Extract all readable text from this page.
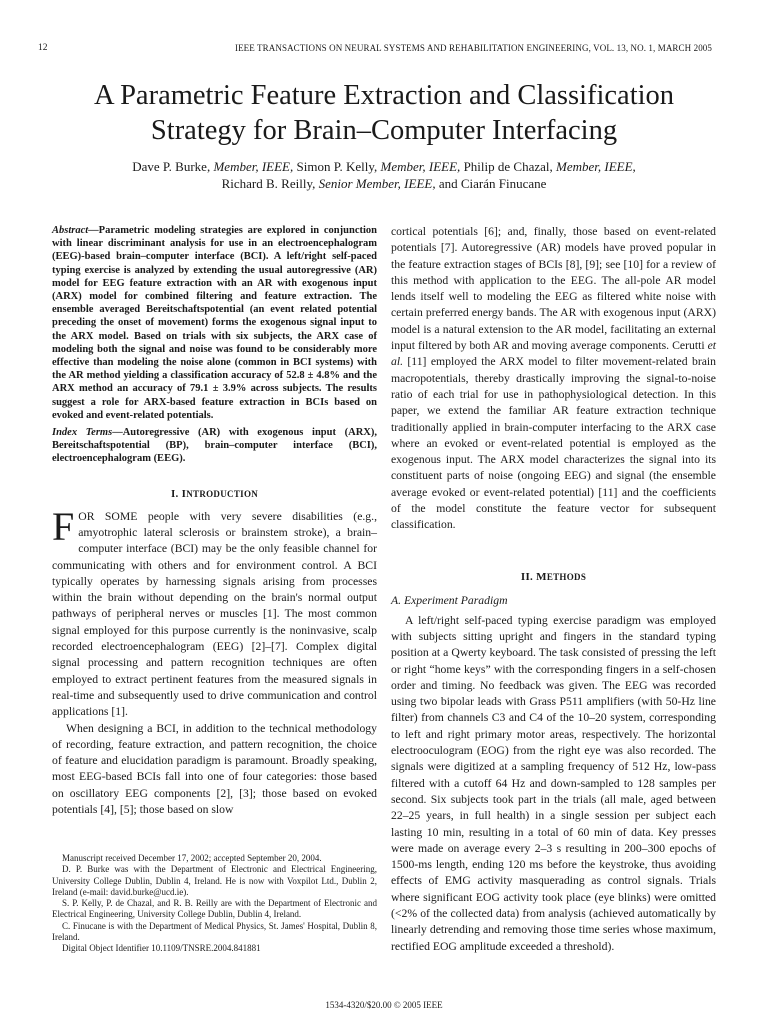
12	IEEE TRANSACTIONS ON NEURAL SYSTEMS AND REHABILITATION ENGINEERING, VOL. 13, NO. 1, MARCH 2005
A Parametric Feature Extraction and Classification
Strategy for Brain–Computer Interfacing
Dave P. Burke, Member, IEEE, Simon P. Kelly, Member, IEEE, Philip de Chazal, Member, IEEE,
Richard B. Reilly, Senior Member, IEEE, and Ciarán Finucane

Abstract—Parametric modeling strategies are explored in conjunction with linear discriminant analysis for use in an electroencephalogram (EEG)-based brain–computer interface (BCI). A left/right self-paced typing exercise is analyzed by extending the usual autoregressive (AR) model for EEG feature extraction with an AR with exogenous input (ARX) model for combined filtering and feature extraction. The ensemble averaged Bereitschaftspotential (an event related potential preceding the onset of movement) forms the exogenous signal input to the ARX model. Based on trials with six subjects, the ARX case of modeling both the signal and noise was found to be considerably more effective than modeling the noise alone (common in BCI systems) with the AR method yielding a classification accuracy of 52.8 ± 4.8% and the ARX method an accuracy of 79.1 ± 3.9% across subjects. The results suggest a role for ARX-based feature extraction in BCIs based on evoked and event-related potentials.

Index Terms—Autoregressive (AR) with exogenous input (ARX), Bereitschaftspotential (BP), brain–computer interface (BCI), electroencephalogram (EEG).

I. INTRODUCTION

FOR SOME people with very severe disabilities (e.g., amyotrophic lateral sclerosis or brainstem stroke), a brain–computer interface (BCI) may be the only feasible channel for communicating with others and for environment control. A BCI typically operates by harnessing signals arising from processes within the brain without depending on the brain's normal output pathways of peripheral nerves or muscles [1]. The most common signal employed for this purpose currently is the noninvasive, scalp recorded electroencephalogram (EEG) [2]–[7]. Complex digital signal processing and pattern recognition techniques are often employed to extract pertinent features from the measured signals in real-time and subsequently used to drive communication and control applications [1].

When designing a BCI, in addition to the technical methodology of recording, feature extraction, and pattern recognition, the choice of feature and elucidation paradigm is paramount. Broadly speaking, most EEG-based BCIs fall into one of four categories: those based on oscillatory EEG components [2], [3]; those based on evoked potentials [4], [5]; those based on slow

cortical potentials [6]; and, finally, those based on event-related potentials [7]. Autoregressive (AR) models have proved popular in the feature extraction stages of BCIs [8], [9]; see [10] for a review of this method with application to the EEG. The all-pole AR model lends itself well to modeling the EEG as filtered white noise with certain preferred energy bands. The AR with exogenous input (ARX) model is a natural extension to the AR model, facilitating an external input filtered by both AR and moving average components. Cerutti et al. [11] employed the ARX model to filter movement-related brain macropotentials, thereby drastically improving the signal-to-noise ratio of each trial for use in pathophysiological detection. In this paper, we extend the familiar AR feature extraction technique traditionally applied in brain-computer interfacing to the ARX case where an evoked or event-related potential is employed as the exogenous input. The ARX model characterizes the signal into its constituent parts of noise (ongoing EEG) and signal (the ensemble average evoked or event-related potential) [11] and the coefficients of the model constitute the feature vector for subsequent classification.

II. METHODS

A. Experiment Paradigm

A left/right self-paced typing exercise paradigm was employed with subjects sitting upright and fingers in the standard typing position at a Qwerty keyboard. The task consisted of pressing the left or right “home keys” with the corresponding fingers in a self-chosen order and timing. No feedback was given. The EEG was recorded using two bipolar leads with Grass P511 amplifiers (with 50-Hz line filter) from channels C3 and C4 of the 10–20 system, corresponding to left and right primary motor areas, respectively. The horizontal electrooculogram (EOG) from the right eye was also recorded. The signals were digitized at a sampling frequency of 512 Hz, low-pass filtered with a cutoff 64 Hz and down-sampled to 128 samples per second. Six subjects took part in the trials (all male, aged between 22–25 years, in full health) in a single session per subject each lasting 10 min, resulting in a total of 60 min of data. Key presses were made on average every 2–3 s resulting in 200–300 epochs of 1500-ms length, ending 120 ms before the keystroke, thus avoiding effects of EMG activity masquerading as control signals. Trials where significant EOG activity took place (eye blinks) were omitted (<2% of the collected data) from analysis (achieved automatically by linearly detrending and removing those time series whose maximum, rectified EOG amplitude exceeded a threshold).

Manuscript received December 17, 2002; accepted September 20, 2004.

D. P. Burke was with the Department of Electronic and Electrical Engineering, University College Dublin, Dublin 4, Ireland. He is now with Voxpilot Ltd., Dublin 2, Ireland (e-mail: david.burke@ucd.ie).

S. P. Kelly, P. de Chazal, and R. B. Reilly are with the Department of Electronic and Electrical Engineering, University College Dublin, Dublin 4, Ireland.

C. Finucane is with the Department of Medical Physics, St. James' Hospital, Dublin 8, Ireland.

Digital Object Identifier 10.1109/TNSRE.2004.841881

1534-4320/$20.00 © 2005 IEEE
